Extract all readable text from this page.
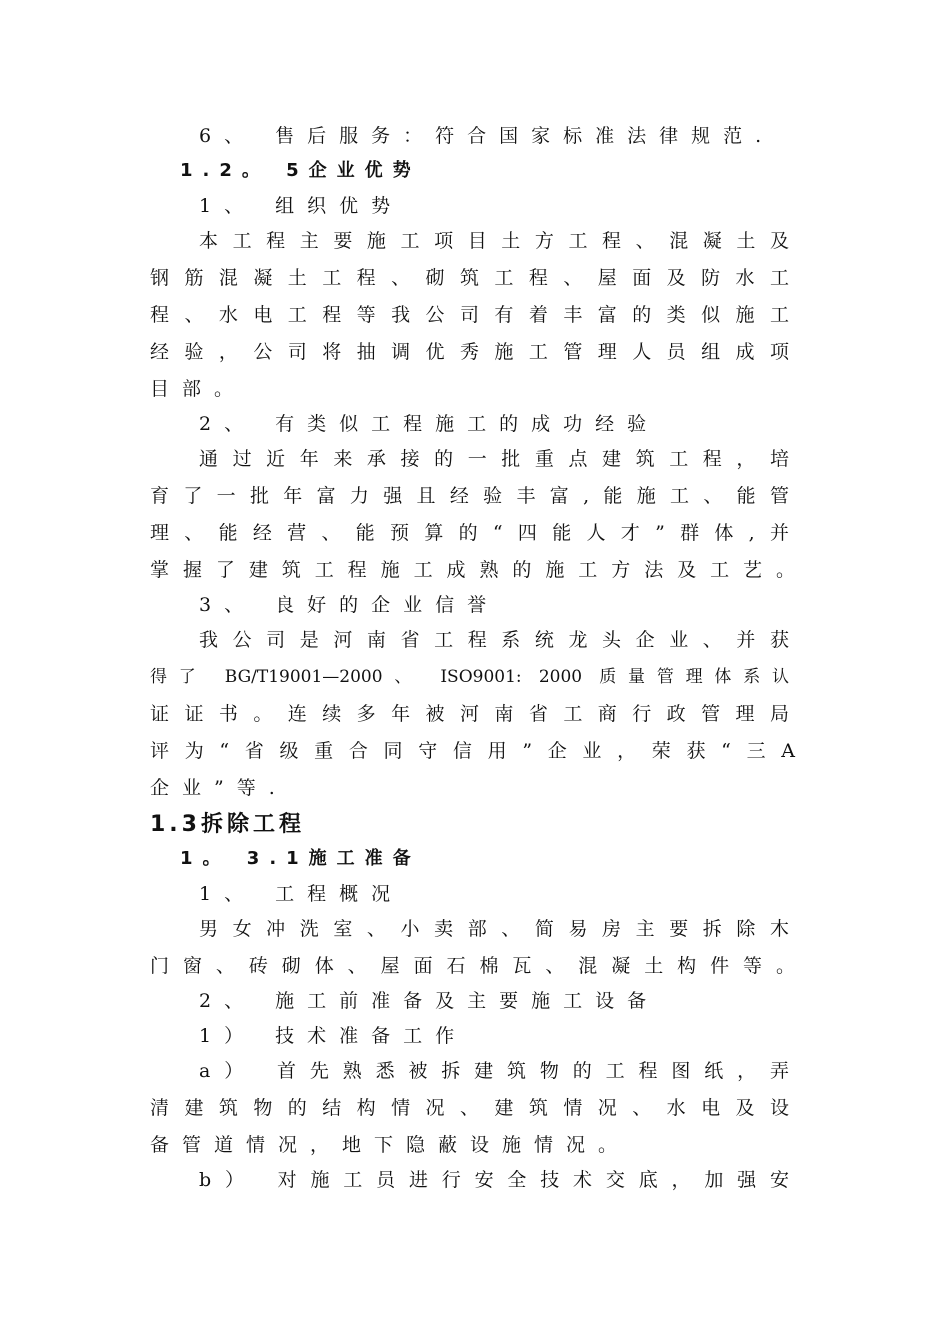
6、 售后服务：符合国家标准法律规范.
1.2。 5企业优势
1、 组织优势
本工程主要施工项目土方工程、混凝土及
钢筋混凝土工程、砌筑工程、屋面及防水工
程、水电工程等我公司有着丰富的类似施工
经验，公司将抽调优秀施工管理人员组成项
目部。
2、 有类似工程施工的成功经验
通过近年来承接的一批重点建筑工程，培
育了一批年富力强且经验丰富,能施工、能管
理、能经营、能预算的“四能人才”群体,并
掌握了建筑工程施工成熟的施工方法及工艺。
3、 良好的企业信誉
我公司是河南省工程系统龙头企业、并获
得了 BG/T19001—2000、 ISO9001: 2000 质量管理体系认
证证书。连续多年被河南省工商行政管理局
评为“省级重合同守信用”企业，荣获“三A
企业”等.
1.3拆除工程
1。 3.1施工准备
1、 工程概况
男女冲洗室、小卖部、简易房主要拆除木
门窗、砖砌体、屋面石棉瓦、混凝土构件等。
2、 施工前准备及主要施工设备
1） 技术准备工作
a） 首先熟悉被拆建筑物的工程图纸，弄
清建筑物的结构情况、建筑情况、水电及设
备管道情况，地下隐蔽设施情况。
b） 对施工员进行安全技术交底，加强安
